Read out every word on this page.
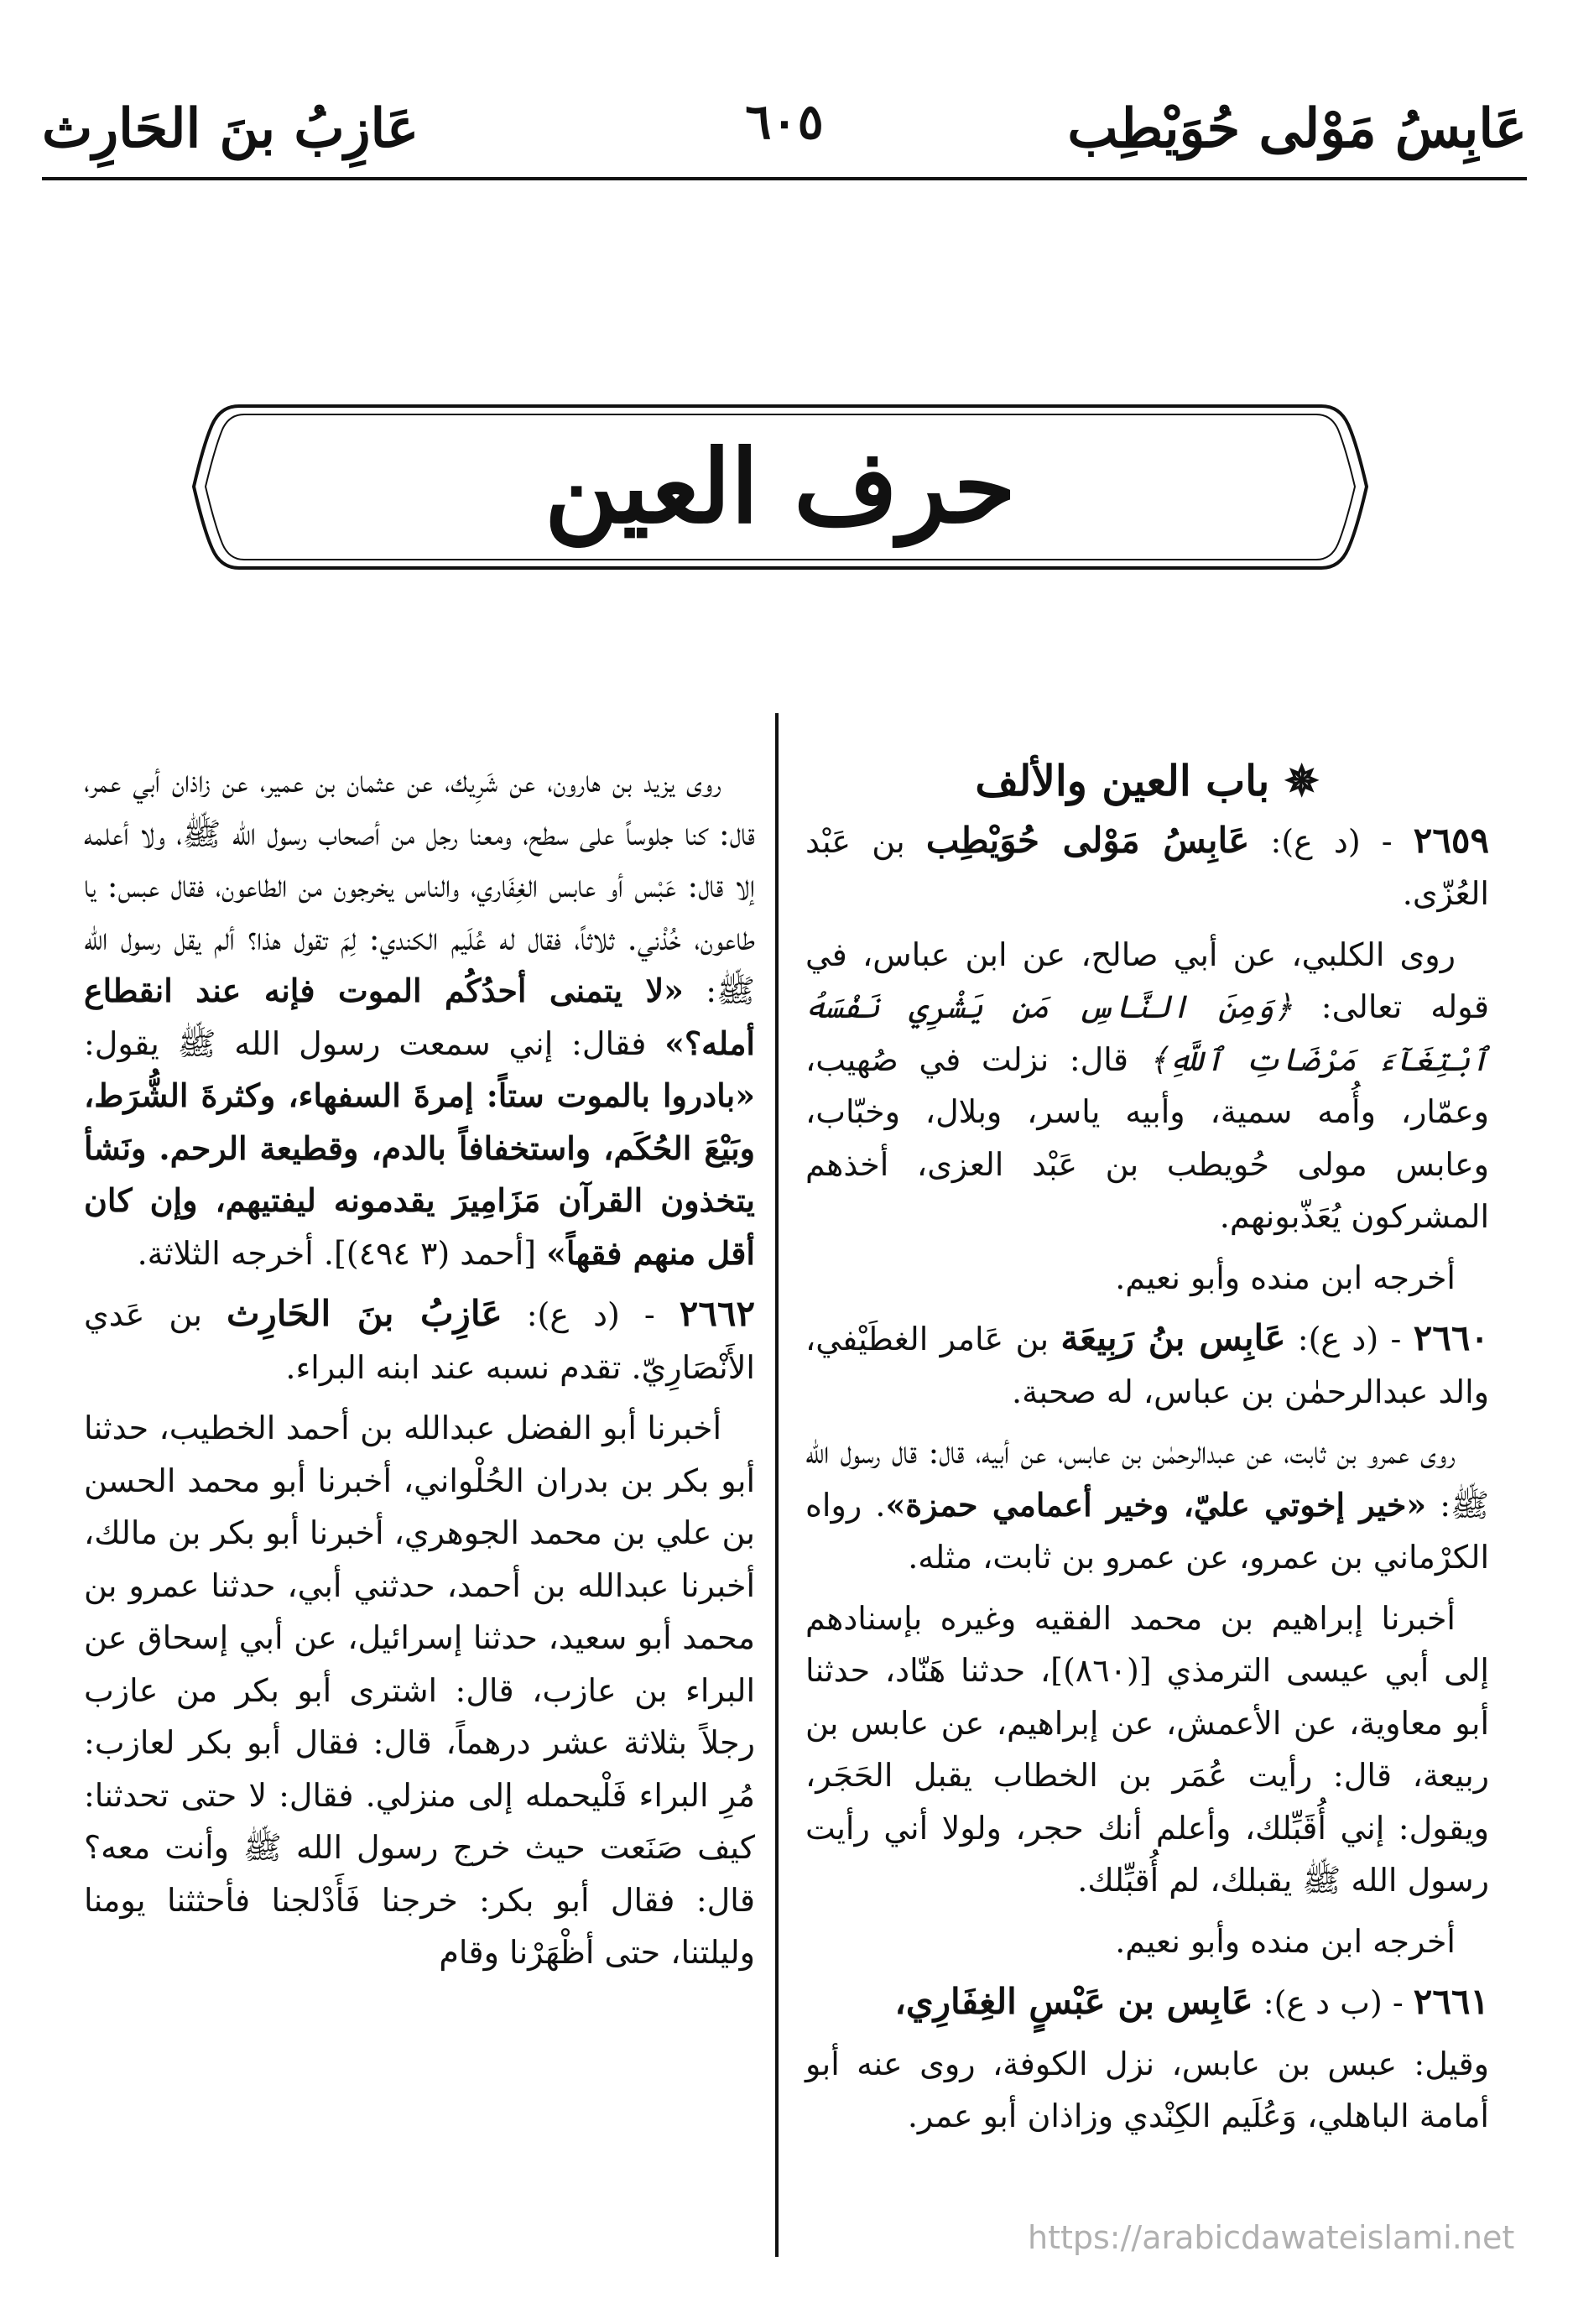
عَابِسُ مَوْلى حُوَيْطِب
٦٠٥
عَازِبُ بنَ الحَارِث
حرف العين
✵ باب العين والألف

٢٦٥٩ - (د ع): عَابِسُ مَوْلى حُوَيْطِب بن عَبْد العُزّى.

روى الكلبي، عن أبي صالح، عن ابن عباس، في قوله تعالى: ﴿وَمِنَ النَّاسِ مَن يَشْرِي نَفْسَهُ ٱبْتِغَآءَ مَرْضَاتِ ٱللَّهِ﴾ قال: نزلت في صُهيب، وعمّار، وأُمه سمية، وأبيه ياسر، وبلال، وخبّاب، وعابس مولى حُويطب بن عَبْد العزى، أخذهم المشركون يُعَذّبونهم.

أخرجه ابن منده وأبو نعيم.

٢٦٦٠ - (د ع): عَابِس بنُ رَبِيعَة بن عَامر الغطَيْفي، والد عبدالرحمٰن بن عباس، له صحبة.

روى عمرو بن ثابت، عن عبدالرحمٰن بن عابس، عن أبيه، قال: قال رسول الله ﷺ: «خير إخوتي عليّ، وخير أعمامي حمزة». رواه الكرْماني بن عمرو، عن عمرو بن ثابت، مثله.

أخبرنا إبراهيم بن محمد الفقيه وغيره بإسنادهم إلى أبي عيسى الترمذي [(٨٦٠)]، حدثنا هَنّاد، حدثنا أبو معاوية، عن الأعمش، عن إبراهيم، عن عابس بن ربيعة، قال: رأيت عُمَر بن الخطاب يقبل الحَجَر، ويقول: إني أُقَبِّلك، وأعلم أنك حجر، ولولا أني رأيت رسول الله ﷺ يقبلك، لم أُقبِّلك.

أخرجه ابن منده وأبو نعيم.

٢٦٦١ - (ب د ع): عَابِس بن عَبْسٍ الغِفَارِي،

وقيل: عبس بن عابس، نزل الكوفة، روى عنه أبو أمامة الباهلي، وَعُلَيم الكِنْدي وزاذان أبو عمر.

روى يزيد بن هارون، عن شَرِيك، عن عثمان بن عمير، عن زاذان أبي عمر، قال: كنا جلوساً على سطح، ومعنا رجل من أصحاب رسول الله ﷺ، ولا أعلمه إلا قال: عَبْس أو عابس الغِفَاري، والناس يخرجون من الطاعون، فقال عبس: يا طاعون، خُذْني. ثلاثاً، فقال له عُلَيم الكندي: لِمَ تقول هذا؟ ألم يقل رسول الله ﷺ: «لا يتمنى أحدُكُم الموت فإنه عند انقطاع أمله؟» فقال: إني سمعت رسول الله ﷺ يقول: «بادروا بالموت ستاً: إمرةَ السفهاء، وكثرةَ الشُّرَط، وبَيْعَ الحُكَم، واستخفافاً بالدم، وقطيعة الرحم. ونَشأ يتخذون القرآن مَزَامِيرَ يقدمونه ليفتيهم، وإن كان أقل منهم فقهاً» [أحمد (٣ ٤٩٤)]. أخرجه الثلاثة.

٢٦٦٢ - (د ع): عَازِبُ بنَ الحَارِث بن عَدي الأَنْصَارِيّ. تقدم نسبه عند ابنه البراء.

أخبرنا أبو الفضل عبدالله بن أحمد الخطيب، حدثنا أبو بكر بن بدران الحُلْواني، أخبرنا أبو محمد الحسن بن علي بن محمد الجوهري، أخبرنا أبو بكر بن مالك، أخبرنا عبدالله بن أحمد، حدثني أبي، حدثنا عمرو بن محمد أبو سعيد، حدثنا إسرائيل، عن أبي إسحاق عن البراء بن عازب، قال: اشترى أبو بكر من عازب رجلاً بثلاثة عشر درهماً، قال: فقال أبو بكر لعازب: مُرِ البراء فَلْيحمله إلى منزلي. فقال: لا حتى تحدثنا: كيف صَنَعت حيث خرج رسول الله ﷺ وأنت معه؟ قال: فقال أبو بكر: خرجنا فَأَدْلجنا فأحثثنا يومنا وليلتنا، حتى أظْهَرْنا وقام

https://arabicdawateislami.net
